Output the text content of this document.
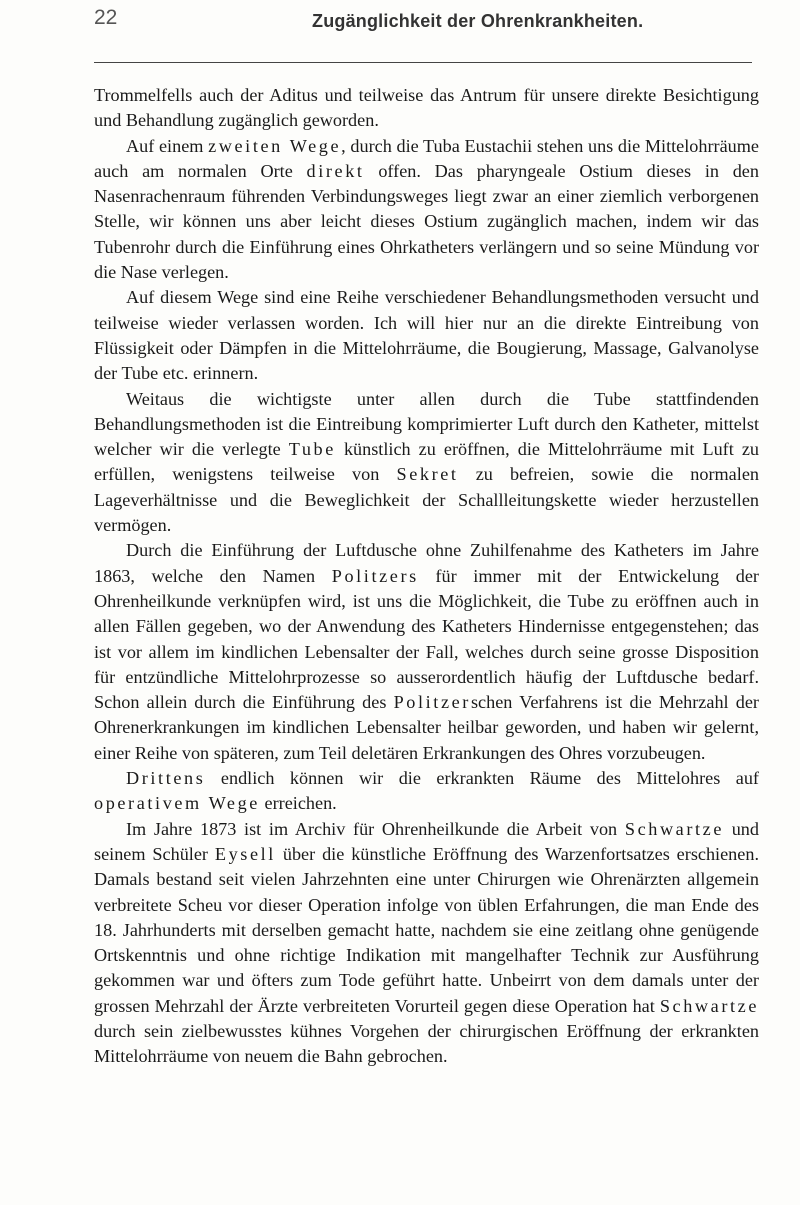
22	Zugänglichkeit der Ohrenkrankheiten.

Trommelfells auch der Aditus und teilweise das Antrum für unsere direkte Besichtigung und Behandlung zugänglich geworden.

Auf einem zweiten Wege, durch die Tuba Eustachii stehen uns die Mittelohrräume auch am normalen Orte direkt offen. Das pharyngeale Ostium dieses in den Nasenrachenraum führenden Verbindungsweges liegt zwar an einer ziemlich verborgenen Stelle, wir können uns aber leicht dieses Ostium zugänglich machen, indem wir das Tubenrohr durch die Einführung eines Ohrkatheters verlängern und so seine Mündung vor die Nase verlegen.

Auf diesem Wege sind eine Reihe verschiedener Behandlungsmethoden versucht und teilweise wieder verlassen worden. Ich will hier nur an die direkte Eintreibung von Flüssigkeit oder Dämpfen in die Mittelohrräume, die Bougierung, Massage, Galvanolyse der Tube etc. erinnern.

Weitaus die wichtigste unter allen durch die Tube stattfindenden Behandlungsmethoden ist die Eintreibung komprimierter Luft durch den Katheter, mittelst welcher wir die verlegte Tube künstlich zu eröffnen, die Mittelohrräume mit Luft zu erfüllen, wenigstens teilweise von Sekret zu befreien, sowie die normalen Lageverhältnisse und die Beweglichkeit der Schallleitungskette wieder herzustellen vermögen.

Durch die Einführung der Luftdusche ohne Zuhilfenahme des Katheters im Jahre 1863, welche den Namen Politzers für immer mit der Entwickelung der Ohrenheilkunde verknüpfen wird, ist uns die Möglichkeit, die Tube zu eröffnen auch in allen Fällen gegeben, wo der Anwendung des Katheters Hindernisse entgegenstehen; das ist vor allem im kindlichen Lebensalter der Fall, welches durch seine grosse Disposition für entzündliche Mittelohrprozesse so ausserordentlich häufig der Luftdusche bedarf. Schon allein durch die Einführung des Politzerschen Verfahrens ist die Mehrzahl der Ohrenerkrankungen im kindlichen Lebensalter heilbar geworden, und haben wir gelernt, einer Reihe von späteren, zum Teil deletären Erkrankungen des Ohres vorzubeugen.

Drittens endlich können wir die erkrankten Räume des Mittelohres auf operativem Wege erreichen.

Im Jahre 1873 ist im Archiv für Ohrenheilkunde die Arbeit von Schwartze und seinem Schüler Eysell über die künstliche Eröffnung des Warzenfortsatzes erschienen. Damals bestand seit vielen Jahrzehnten eine unter Chirurgen wie Ohrenärzten allgemein verbreitete Scheu vor dieser Operation infolge von üblen Erfahrungen, die man Ende des 18. Jahrhunderts mit derselben gemacht hatte, nachdem sie eine zeitlang ohne genügende Ortskenntnis und ohne richtige Indikation mit mangelhafter Technik zur Ausführung gekommen war und öfters zum Tode geführt hatte. Unbeirrt von dem damals unter der grossen Mehrzahl der Ärzte verbreiteten Vorurteil gegen diese Operation hat Schwartze durch sein zielbewusstes kühnes Vorgehen der chirurgischen Eröffnung der erkrankten Mittelohrräume von neuem die Bahn gebrochen.
